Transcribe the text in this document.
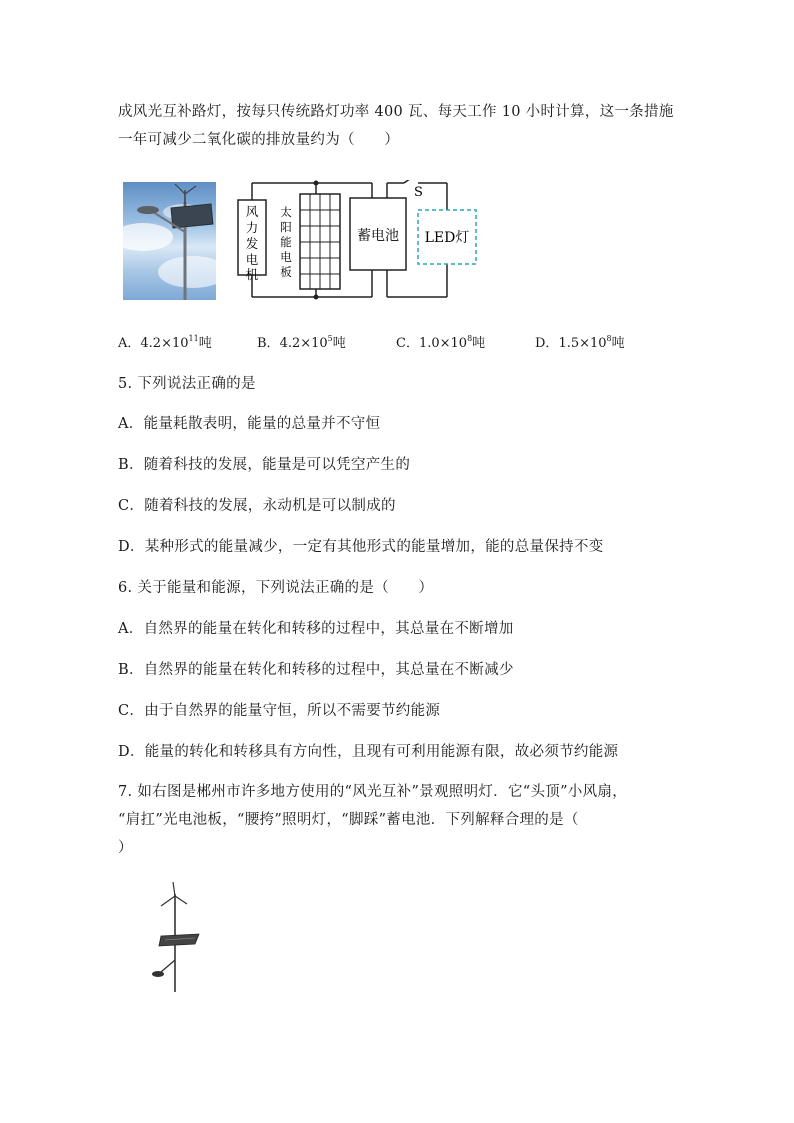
成风光互补路灯，按每只传统路灯功率 400 瓦、每天工作 10 小时计算，这一条措施
一年可减少二氧化碳的排放量约为（　　）
风
力
发
电
机
太
阳
能
电
板
蓄电池 LED灯
S
A．$4.2\times 10^{11}$吨	B．$4.2\times 10^5$吨	C．$1.0\times 10^8$吨	D．$1.5\times 10^8$吨
5. 下列说法正确的是
A．能量耗散表明，能量的总量并不守恒
B．随着科技的发展，能量是可以凭空产生的
C．随着科技的发展，永动机是可以制成的
D．某种形式的能量减少，一定有其他形式的能量增加，能的总量保持不变
6. 关于能量和能源，下列说法正确的是（　　）
A．自然界的能量在转化和转移的过程中，其总量在不断增加
B．自然界的能量在转化和转移的过程中，其总量在不断减少
C．由于自然界的能量守恒，所以不需要节约能源
D．能量的转化和转移具有方向性，且现有可利用能源有限，故必须节约能源
7. 如右图是郴州市许多地方使用的“风光互补”景观照明灯．它“头顶”小风扇，
“肩扛”光电池板，“腰挎”照明灯，“脚踩”蓄电池．下列解释合理的是（
）
